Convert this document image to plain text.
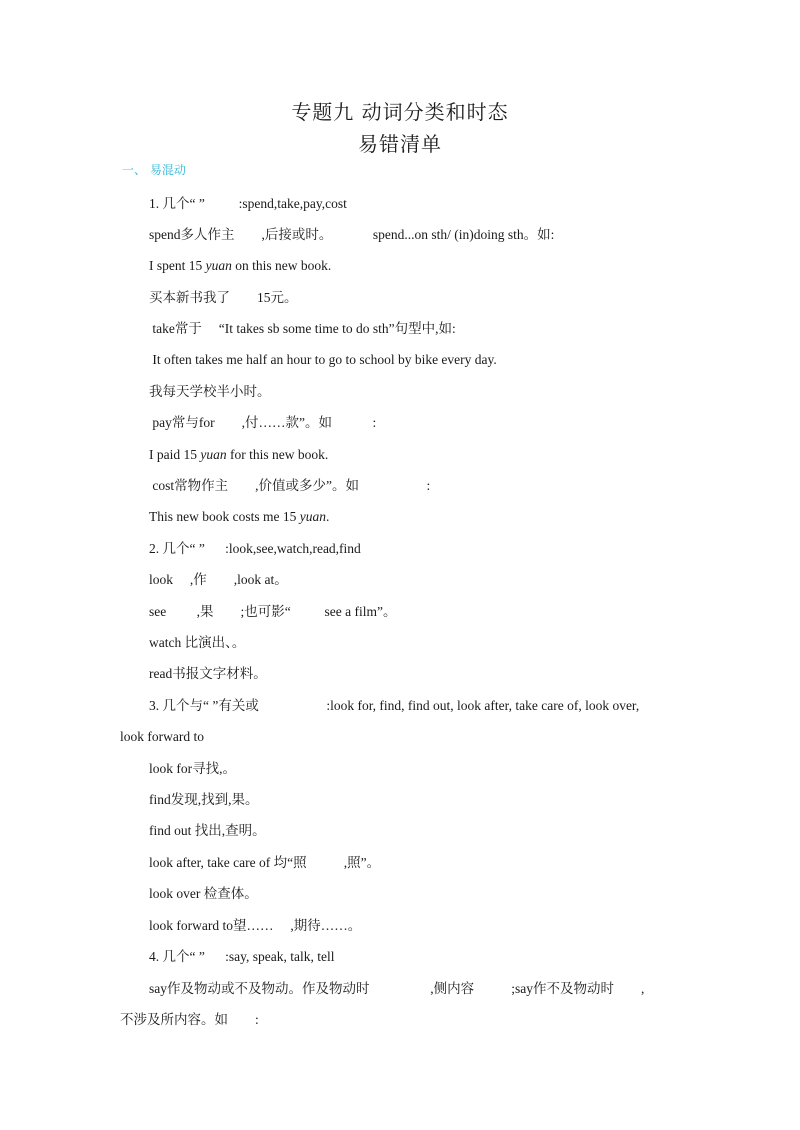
专题九 动词分类和时态
易错清单
一、 易混动
1. 几个“ ”          :spend,take,pay,cost
spend多人作主        ,后接或时。            spend...on sth/ (in)doing sth。如:
I spent 15 yuan on this new book.
买本新书我了        15元。
take常于     “It takes sb some time to do sth”句型中,如:
It often takes me half an hour to go to school by bike every day.
我每天学校半小时。
pay常与for        ,付……款”。如            :
I paid 15 yuan for this new book.
cost常物作主        ,价值或多少”。如                    :
This new book costs me 15 yuan.
2. 几个“ ”      :look,see,watch,read,find
look     ,作        ,look at。
see         ,果        ;也可影“          see a film”。
watch 比演出、。
read书报文字材料。
3. 几个与“ ”有关或                    :look for, find, find out, look after, take care of, look over,
look forward to
look for寻找,。
find发现,找到,果。
find out 找出,查明。
look after, take care of 均“照           ,照”。
look over 检查体。
look forward to望……     ,期待……。
4. 几个“ ”      :say, speak, talk, tell
say作及物动或不及物动。作及物动时                  ,侧内容           ;say作不及物动时        ,
不涉及所内容。如        :
